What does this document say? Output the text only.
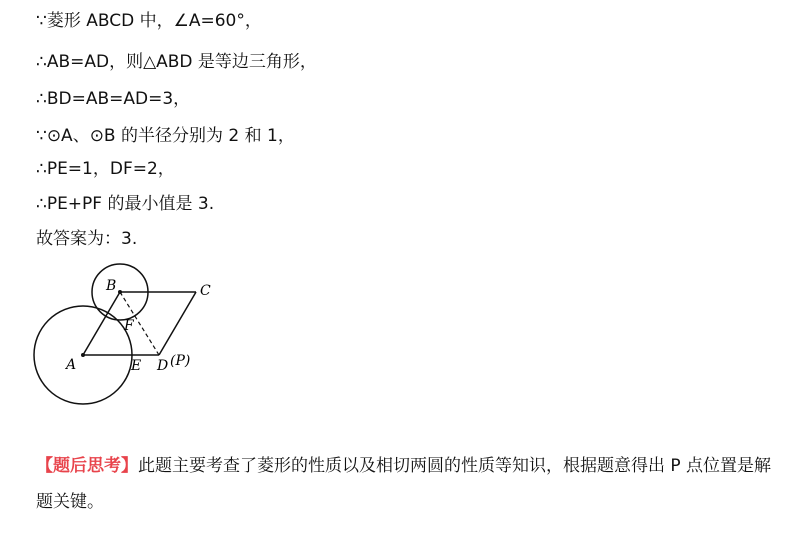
∵菱形 ABCD 中，∠A=60°，
∴AB=AD，则△ABD 是等边三角形，
∴BD=AB=AD=3，
∵⊙A、⊙B 的半径分别为 2 和 1，
∴PE=1，DF=2，
∴PE+PF 的最小值是 3.
故答案为：3.
A
B	C
D (P)
E
F
【题后思考】此题主要考查了菱形的性质以及相切两圆的性质等知识，根据题意得出 P 点位置是解题关键。
